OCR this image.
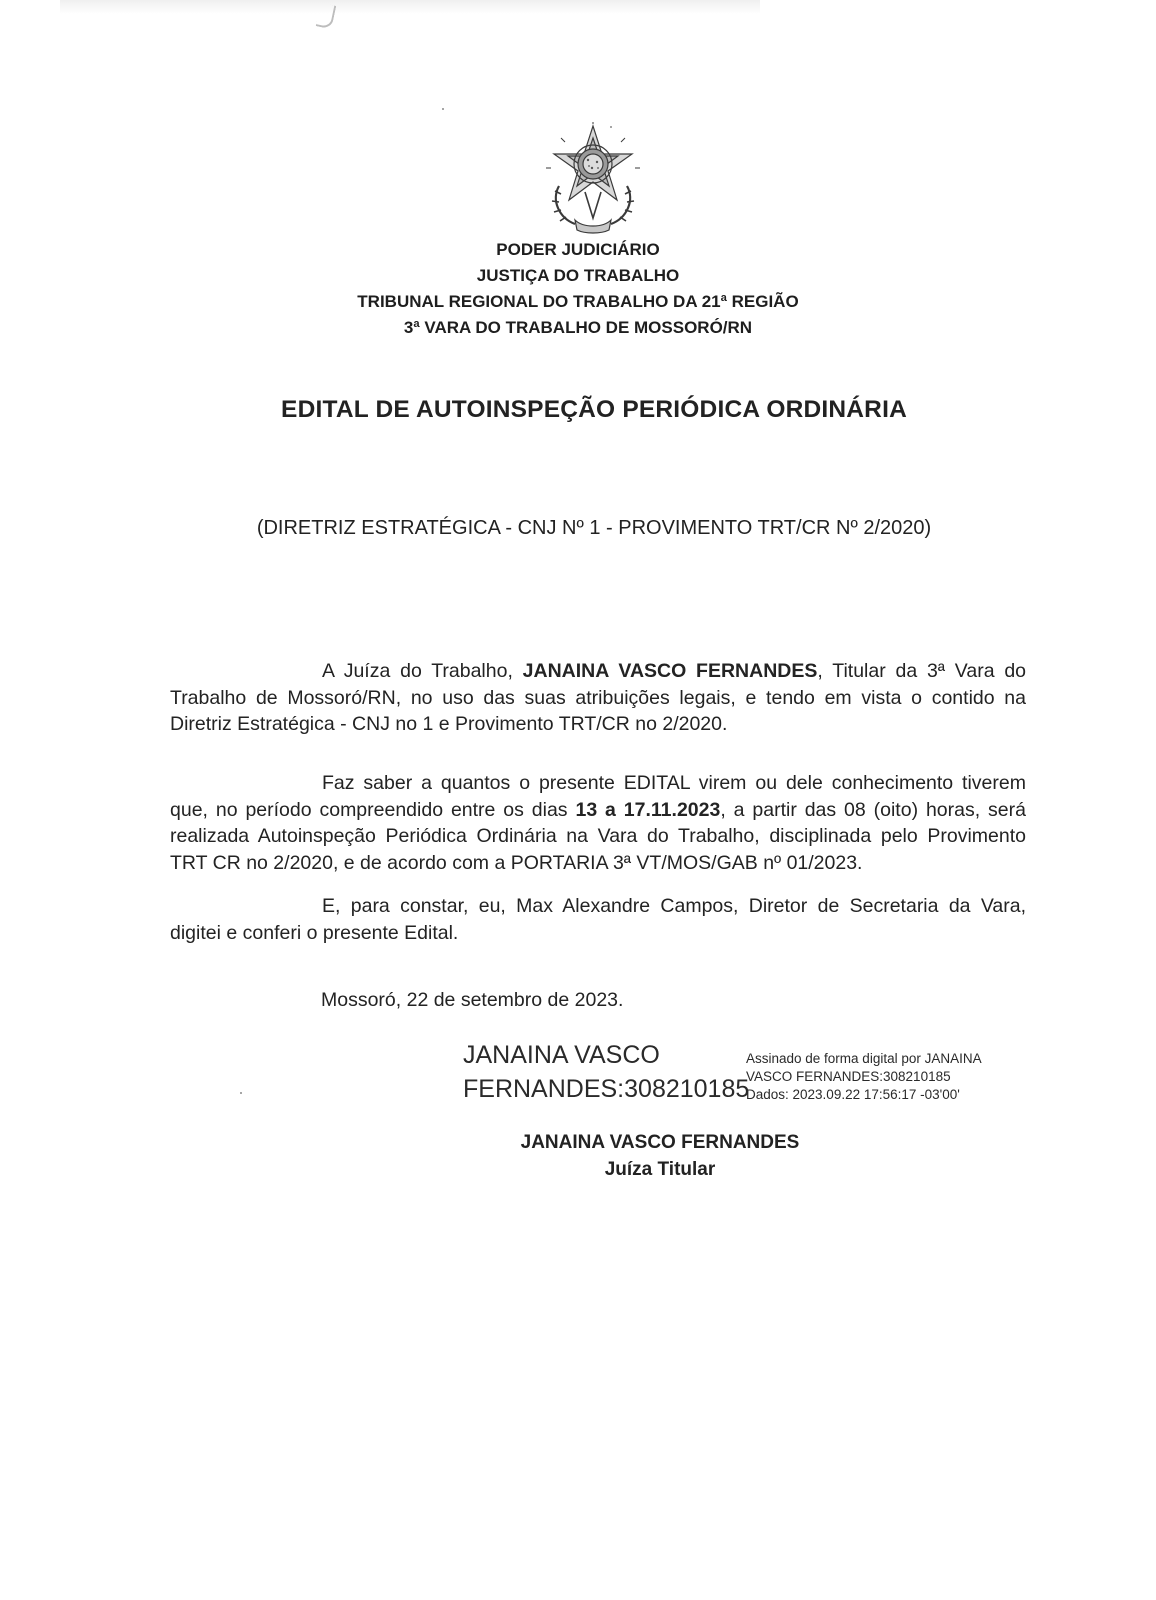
PODER JUDICIÁRIO
JUSTIÇA DO TRABALHO
TRIBUNAL REGIONAL DO TRABALHO DA 21ª REGIÃO
3ª VARA DO TRABALHO DE MOSSORÓ/RN
EDITAL DE AUTOINSPEÇÃO PERIÓDICA ORDINÁRIA
(DIRETRIZ ESTRATÉGICA - CNJ Nº 1 - PROVIMENTO TRT/CR Nº 2/2020)
A Juíza do Trabalho, JANAINA VASCO FERNANDES, Titular da 3ª Vara do Trabalho de Mossoró/RN, no uso das suas atribuições legais, e tendo em vista o contido na Diretriz Estratégica - CNJ no 1 e Provimento TRT/CR no 2/2020.
Faz saber a quantos o presente EDITAL virem ou dele conhecimento tiverem que, no período compreendido entre os dias 13 a 17.11.2023, a partir das 08 (oito) horas, será realizada Autoinspeção Periódica Ordinária na Vara do Trabalho, disciplinada pelo Provimento TRT CR no 2/2020, e de acordo com a PORTARIA 3ª VT/MOS/GAB nº 01/2023.
E, para constar, eu, Max Alexandre Campos, Diretor de Secretaria da Vara, digitei e conferi o presente Edital.
Mossoró, 22 de setembro de 2023.
JANAINA VASCO
FERNANDES:308210185
Assinado de forma digital por JANAINA
VASCO FERNANDES:308210185
Dados: 2023.09.22 17:56:17 -03'00'
JANAINA VASCO FERNANDES
Juíza Titular
